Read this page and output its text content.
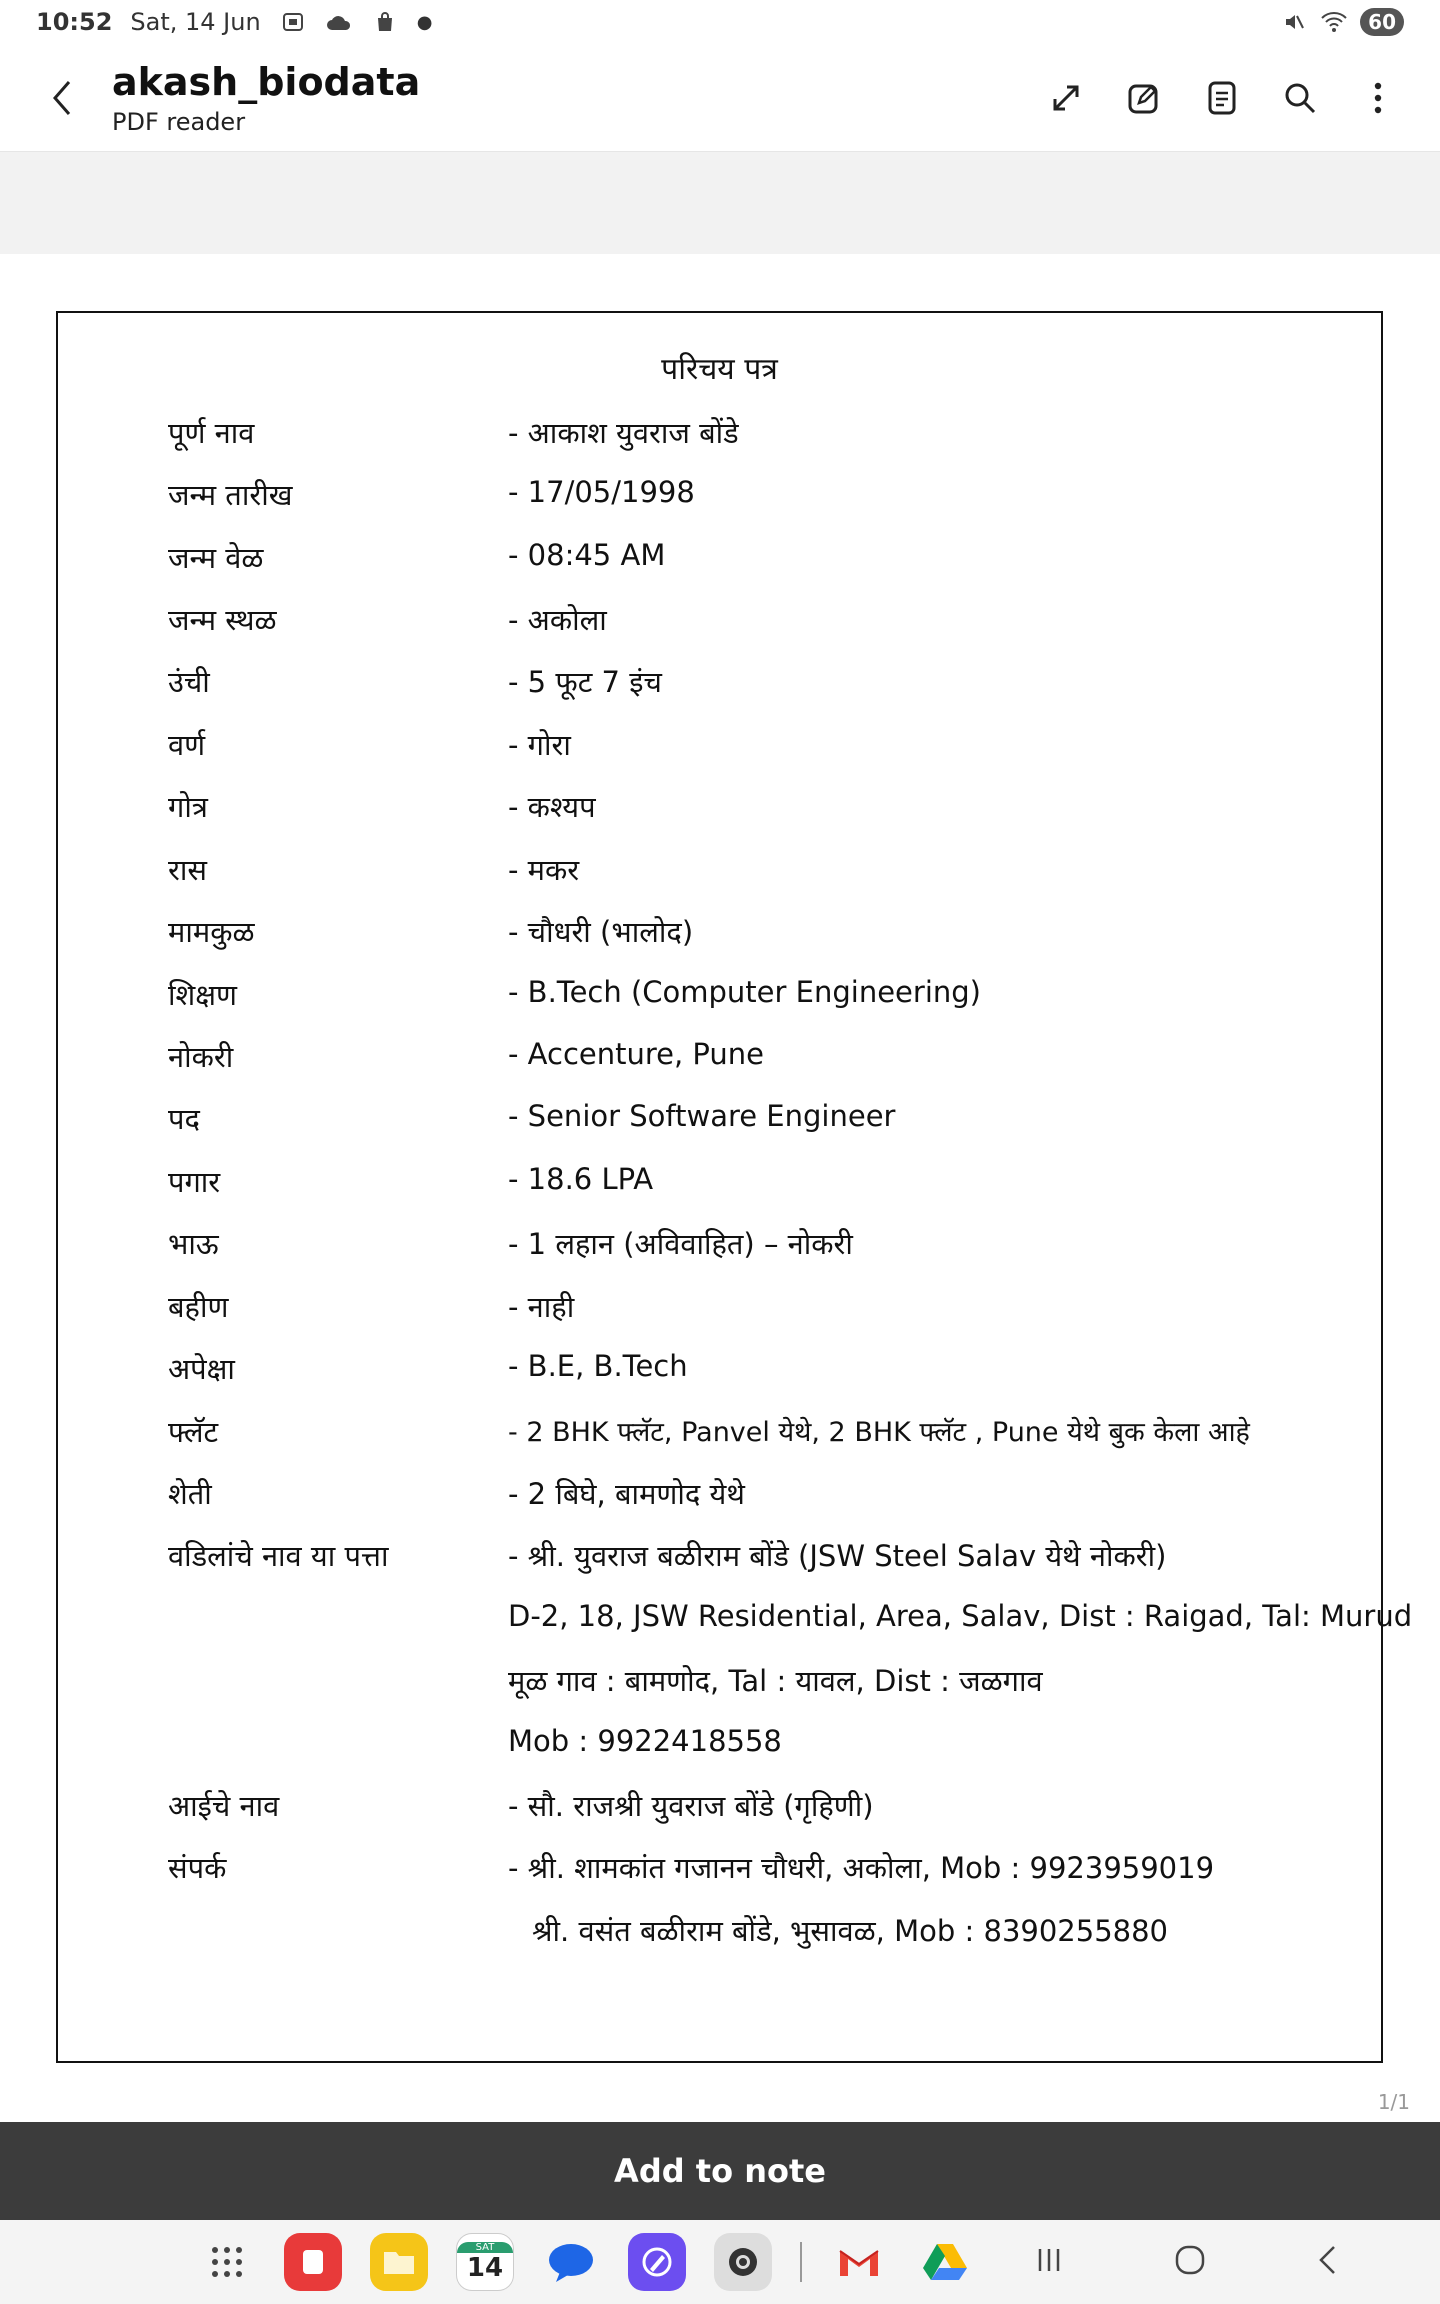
10:52 Sat, 14 Jun	●	60
akash_biodata
PDF reader
परिचय पत्र
पूर्ण नाव	- आकाश युवराज बोंडे
जन्म तारीख	- 17/05/1998
जन्म वेळ	- 08:45 AM
जन्म स्थळ	- अकोला
उंची	- 5 फूट 7 इंच
वर्ण	- गोरा
गोत्र	- कश्यप
रास	- मकर
मामकुळ	- चौधरी (भालोद)
शिक्षण	- B.Tech (Computer Engineering)
नोकरी	- Accenture, Pune
पद	- Senior Software Engineer
पगार	- 18.6 LPA
भाऊ	- 1 लहान (अविवाहित) – नोकरी
बहीण	- नाही
अपेक्षा	- B.E, B.Tech
फ्लॅट	- 2 BHK फ्लॅट, Panvel येथे, 2 BHK फ्लॅट , Pune येथे बुक केला आहे
शेती	- 2 बिघे, बामणोद येथे
वडिलांचे नाव या पत्ता	- श्री. युवराज बळीराम बोंडे (JSW Steel Salav येथे नोकरी)
D-2, 18, JSW Residential, Area, Salav, Dist : Raigad, Tal: Murud
मूळ गाव : बामणोद, Tal : यावल, Dist : जळगाव
Mob : 9922418558
आईचे नाव	- सौ. राजश्री युवराज बोंडे (गृहिणी)
संपर्क	- श्री. शामकांत गजानन चौधरी, अकोला, Mob : 9923959019
श्री. वसंत बळीराम बोंडे, भुसावळ, Mob : 8390255880
1/1
Add to note
SAT
14
